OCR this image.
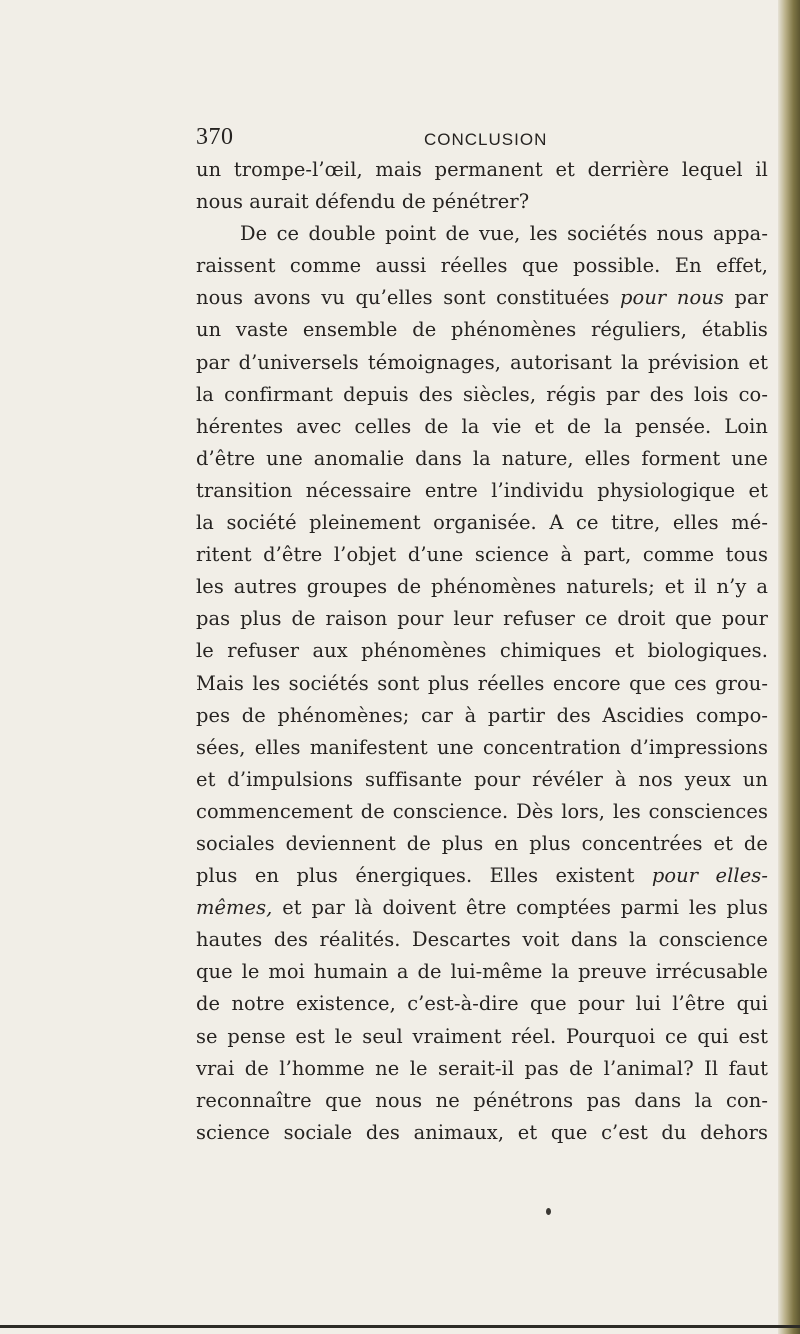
370	CONCLUSION
un trompe-l’œil, mais permanent et derrière lequel il
nous aurait défendu de pénétrer?
De ce double point de vue, les sociétés nous appa-
raissent comme aussi réelles que possible. En effet,
nous avons vu qu’elles sont constituées pour nous par
un vaste ensemble de phénomènes réguliers, établis
par d’universels témoignages, autorisant la prévision et
la confirmant depuis des siècles, régis par des lois co-
hérentes avec celles de la vie et de la pensée. Loin
d’être une anomalie dans la nature, elles forment une
transition nécessaire entre l’individu physiologique et
la société pleinement organisée. A ce titre, elles mé-
ritent d’être l’objet d’une science à part, comme tous
les autres groupes de phénomènes naturels; et il n’y a
pas plus de raison pour leur refuser ce droit que pour
le refuser aux phénomènes chimiques et biologiques.
Mais les sociétés sont plus réelles encore que ces grou-
pes de phénomènes; car à partir des Ascidies compo-
sées, elles manifestent une concentration d’impressions
et d’impulsions suffisante pour révéler à nos yeux un
commencement de conscience. Dès lors, les consciences
sociales deviennent de plus en plus concentrées et de
plus en plus énergiques. Elles existent pour elles-
mêmes, et par là doivent être comptées parmi les plus
hautes des réalités. Descartes voit dans la conscience
que le moi humain a de lui-même la preuve irrécusable
de notre existence, c’est-à-dire que pour lui l’être qui
se pense est le seul vraiment réel. Pourquoi ce qui est
vrai de l’homme ne le serait-il pas de l’animal? Il faut
reconnaître que nous ne pénétrons pas dans la con-
science sociale des animaux, et que c’est du dehors
